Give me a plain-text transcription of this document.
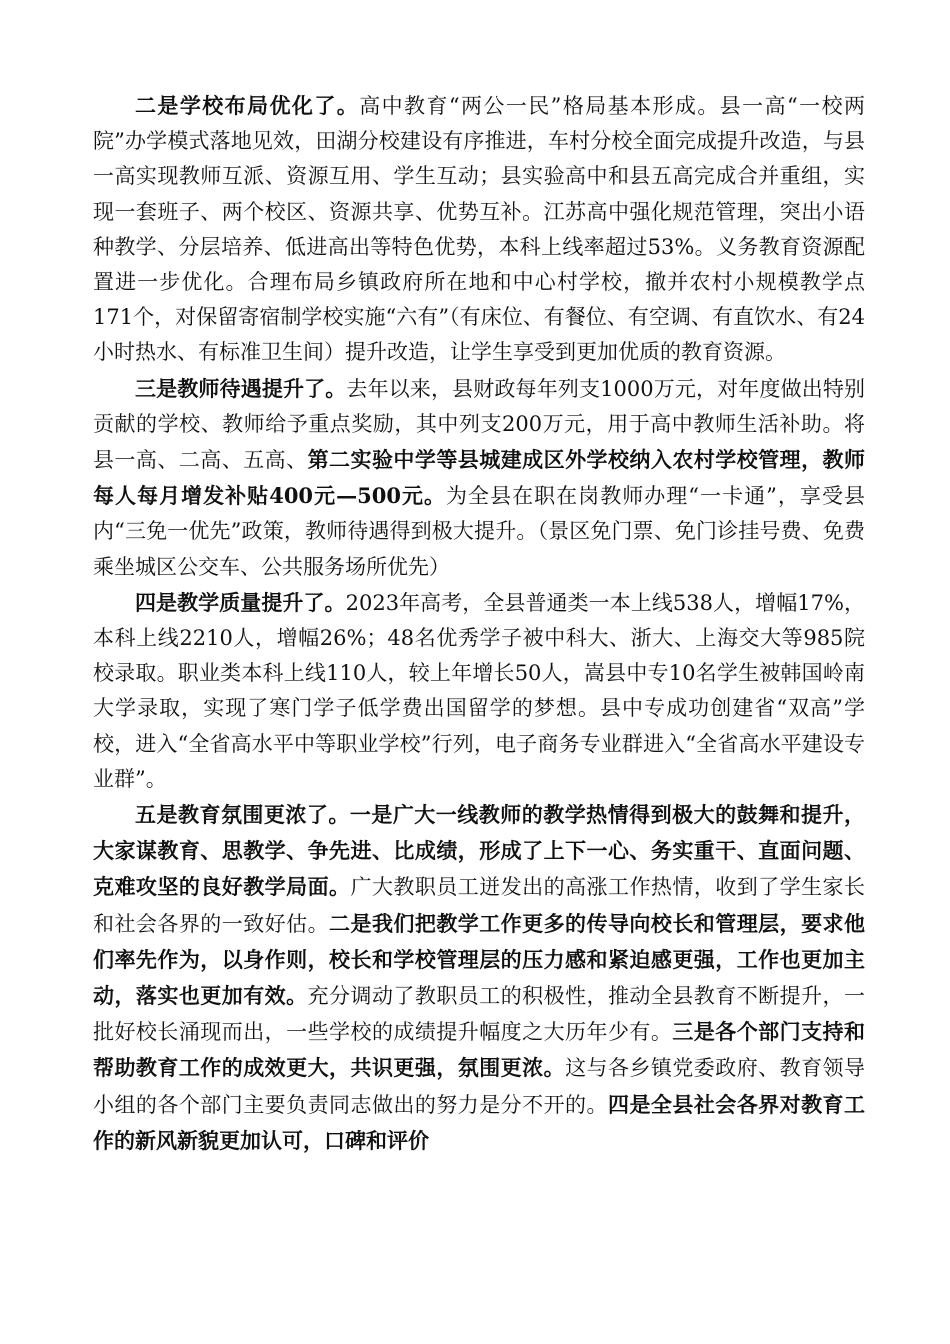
二是学校布局优化了。高中教育“两公一民”格局基本形成。县一高“一校两院”办学模式落地见效，田湖分校建设有序推进，车村分校全面完成提升改造，与县一高实现教师互派、资源互用、学生互动；县实验高中和县五高完成合并重组，实现一套班子、两个校区、资源共享、优势互补。江苏高中强化规范管理，突出小语种教学、分层培养、低进高出等特色优势，本科上线率超过53%。义务教育资源配置进一步优化。合理布局乡镇政府所在地和中心村学校，撤并农村小规模教学点171个，对保留寄宿制学校实施“六有”（有床位、有餐位、有空调、有直饮水、有24小时热水、有标准卫生间）提升改造，让学生享受到更加优质的教育资源。

三是教师待遇提升了。去年以来，县财政每年列支1000万元，对年度做出特别贡献的学校、教师给予重点奖励，其中列支200万元，用于高中教师生活补助。将县一高、二高、五高、第二实验中学等县城建成区外学校纳入农村学校管理，教师每人每月增发补贴400元—500元。为全县在职在岗教师办理“一卡通”，享受县内“三免一优先”政策，教师待遇得到极大提升。（景区免门票、免门诊挂号费、免费乘坐城区公交车、公共服务场所优先）

四是教学质量提升了。2023年高考，全县普通类一本上线538人，增幅17%，本科上线2210人，增幅26%；48名优秀学子被中科大、浙大、上海交大等985院校录取。职业类本科上线110人，较上年增长50人，嵩县中专10名学生被韩国岭南大学录取，实现了寒门学子低学费出国留学的梦想。县中专成功创建省“双高”学校，进入“全省高水平中等职业学校”行列，电子商务专业群进入“全省高水平建设专业群”。

五是教育氛围更浓了。一是广大一线教师的教学热情得到极大的鼓舞和提升，大家谋教育、思教学、争先进、比成绩，形成了上下一心、务实重干、直面问题、克难攻坚的良好教学局面。广大教职员工迸发出的高涨工作热情，收到了学生家长和社会各界的一致好估。二是我们把教学工作更多的传导向校长和管理层，要求他们率先作为，以身作则，校长和学校管理层的压力感和紧迫感更强，工作也更加主动，落实也更加有效。充分调动了教职员工的积极性，推动全县教育不断提升，一批好校长涌现而出，一些学校的成绩提升幅度之大历年少有。三是各个部门支持和帮助教育工作的成效更大，共识更强，氛围更浓。这与各乡镇党委政府、教育领导小组的各个部门主要负责同志做出的努力是分不开的。四是全县社会各界对教育工作的新风新貌更加认可，口碑和评价
